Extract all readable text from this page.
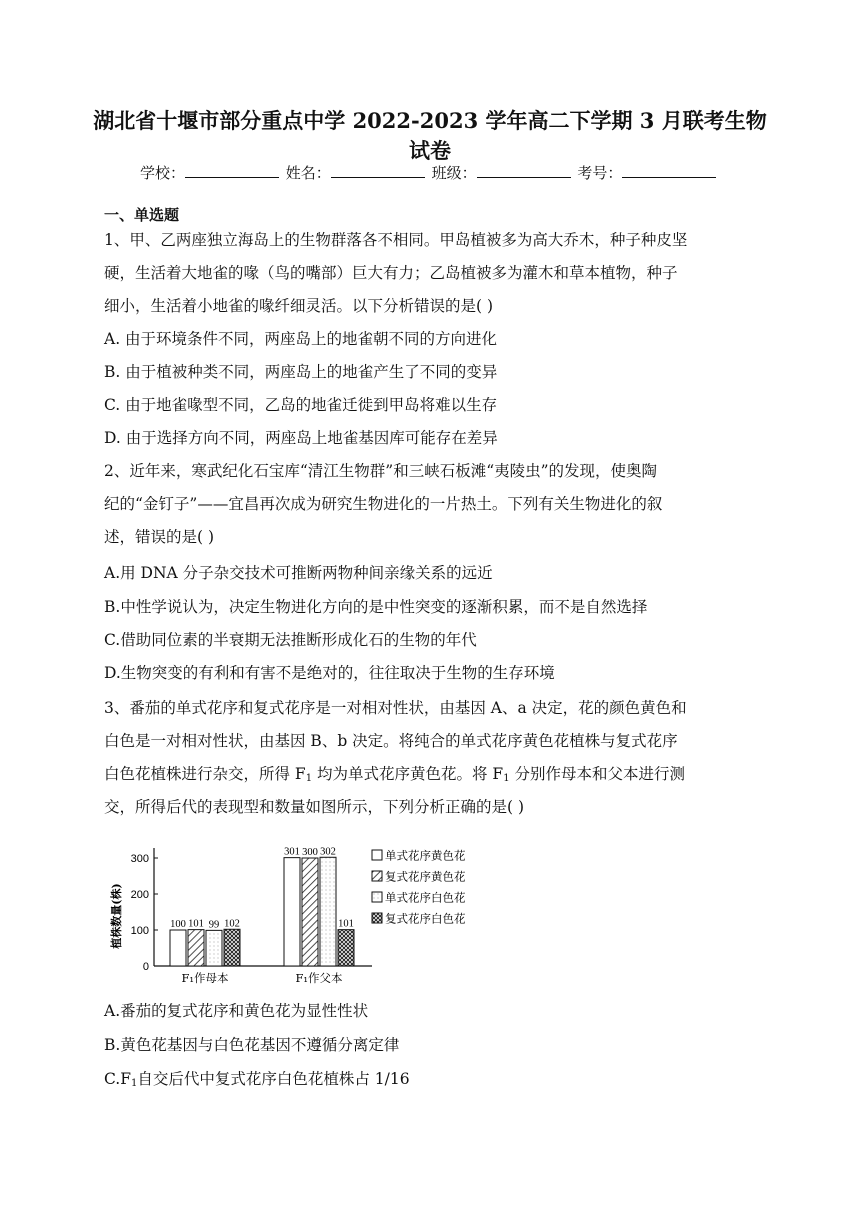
湖北省十堰市部分重点中学 2022-2023 学年高二下学期 3 月联考生物
试卷
学校：	姓名：	班级：	考号：
一、单选题
1、甲、乙两座独立海岛上的生物群落各不相同。甲岛植被多为高大乔木，种子种皮坚
硬，生活着大地雀的喙（鸟的嘴部）巨大有力；乙岛植被多为灌木和草本植物，种子
细小，生活着小地雀的喙纤细灵活。以下分析错误的是( )
A. 由于环境条件不同，两座岛上的地雀朝不同的方向进化
B. 由于植被种类不同，两座岛上的地雀产生了不同的变异
C. 由于地雀喙型不同，乙岛的地雀迁徙到甲岛将难以生存
D. 由于选择方向不同，两座岛上地雀基因库可能存在差异
2、近年来，寒武纪化石宝库“清江生物群”和三峡石板滩“夷陵虫”的发现，使奥陶
纪的“金钉子”——宜昌再次成为研究生物进化的一片热土。下列有关生物进化的叙
述，错误的是( )
A.用 DNA 分子杂交技术可推断两物种间亲缘关系的远近
B.中性学说认为，决定生物进化方向的是中性突变的逐渐积累，而不是自然选择
C.借助同位素的半衰期无法推断形成化石的生物的年代
D.生物突变的有利和有害不是绝对的，往往取决于生物的生存环境
3、番茄的单式花序和复式花序是一对相对性状，由基因 A、a 决定，花的颜色黄色和
白色是一对相对性状，由基因 B、b 决定。将纯合的单式花序黄色花植株与复式花序
白色花植株进行杂交，所得 $F_1$ 均为单式花序黄色花。将 $F_1$ 分别作母本和父本进行测
交，所得后代的表现型和数量如图所示，下列分析正确的是( )
0
100
200
300
植株数量(株)	100 101 99 102
F₁作母本
301 300 302
101
F₁作父本
单式花序黄色花
复式花序黄色花
单式花序白色花
复式花序白色花
A.番茄的复式花序和黄色花为显性性状
B.黄色花基因与白色花基因不遵循分离定律
$C.F_1$自交后代中复式花序白色花植株占 1/16
